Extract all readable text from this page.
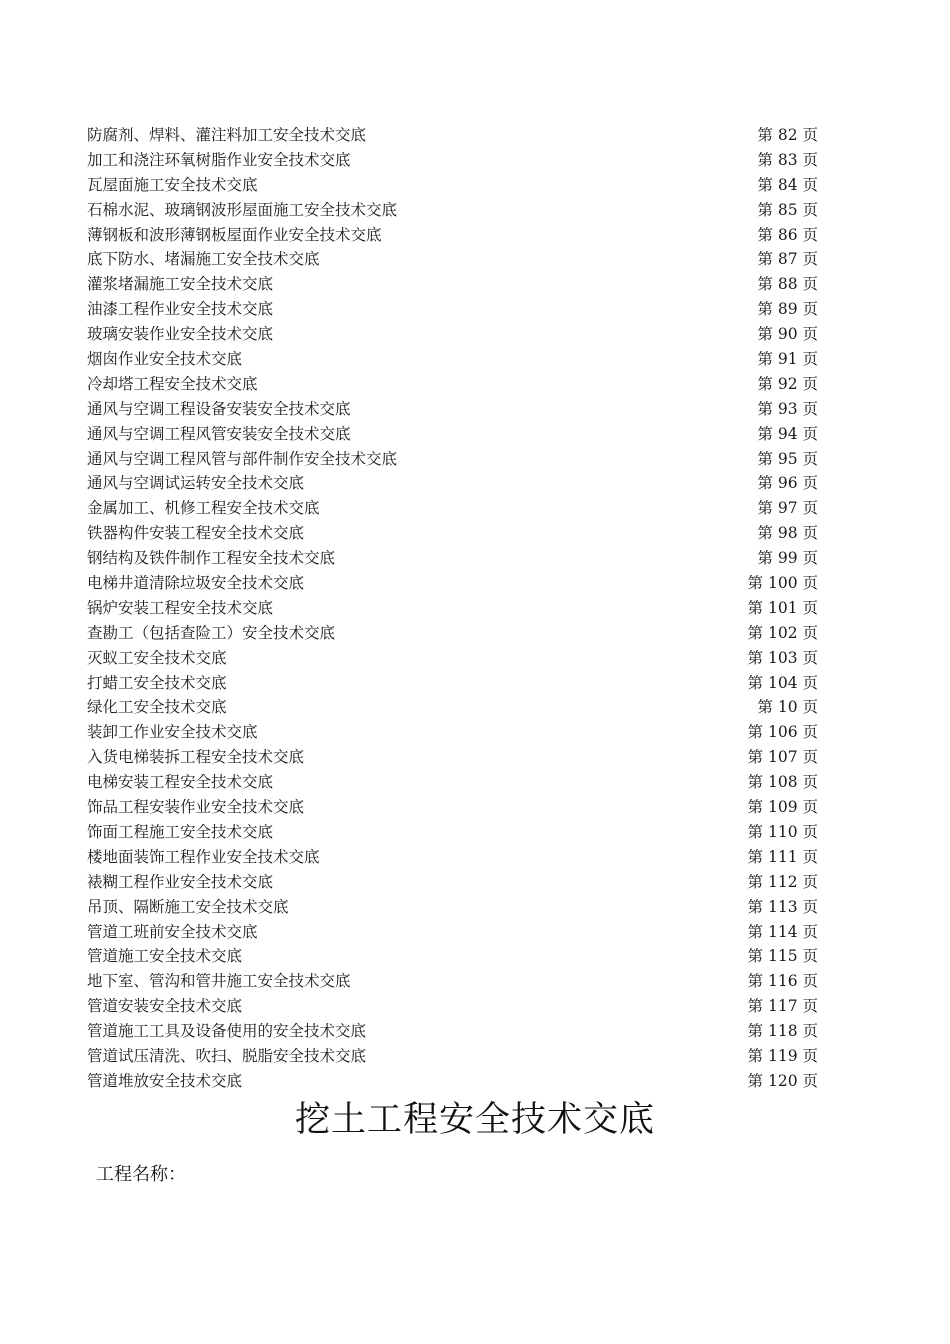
防腐剂、焊料、灌注料加工安全技术交底	第 82 页
加工和浇注环氧树脂作业安全技术交底	第 83 页
瓦屋面施工安全技术交底	第 84 页
石棉水泥、玻璃钢波形屋面施工安全技术交底	第 85 页
薄钢板和波形薄钢板屋面作业安全技术交底	第 86 页
底下防水、堵漏施工安全技术交底	第 87 页
灌浆堵漏施工安全技术交底	第 88 页
油漆工程作业安全技术交底	第 89 页
玻璃安装作业安全技术交底	第 90 页
烟囱作业安全技术交底	第 91 页
冷却塔工程安全技术交底	第 92 页
通风与空调工程设备安装安全技术交底	第 93 页
通风与空调工程风管安装安全技术交底	第 94 页
通风与空调工程风管与部件制作安全技术交底	第 95 页
通风与空调试运转安全技术交底	第 96 页
金属加工、机修工程安全技术交底	第 97 页
铁器构件安装工程安全技术交底	第 98 页
钢结构及铁件制作工程安全技术交底	第 99 页
电梯井道清除垃圾安全技术交底	第 100 页
锅炉安装工程安全技术交底	第 101 页
查勘工（包括查险工）安全技术交底	第 102 页
灭蚁工安全技术交底	第 103 页
打蜡工安全技术交底	第 104 页
绿化工安全技术交底	第 10 页
装卸工作业安全技术交底	第 106 页
入货电梯装拆工程安全技术交底	第 107 页
电梯安装工程安全技术交底	第 108 页
饰品工程安装作业安全技术交底	第 109 页
饰面工程施工安全技术交底	第 110 页
楼地面装饰工程作业安全技术交底	第 111 页
裱糊工程作业安全技术交底	第 112 页
吊顶、隔断施工安全技术交底	第 113 页
管道工班前安全技术交底	第 114 页
管道施工安全技术交底	第 115 页
地下室、管沟和管井施工安全技术交底	第 116 页
管道安装安全技术交底	第 117 页
管道施工工具及设备使用的安全技术交底	第 118 页
管道试压清洗、吹扫、脱脂安全技术交底	第 119 页
管道堆放安全技术交底	第 120 页
挖土工程安全技术交底
工程名称：
